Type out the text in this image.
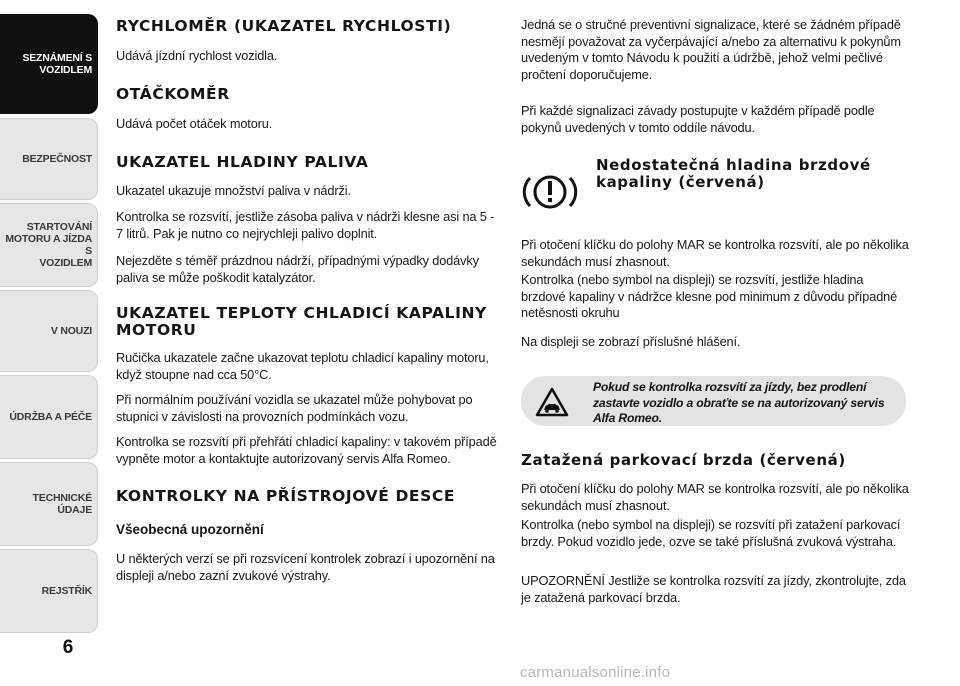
SEZNÁMENÍ S
VOZIDLEM
BEZPEČNOST
STARTOVÁNÍ
MOTORU A JÍZDA S
VOZIDLEM
V NOUZI
ÚDRŽBA A PÉČE
TECHNICKÉ ÚDAJE
REJSTŘÍK
6
RYCHLOMĚR (UKAZATEL RYCHLOSTI)

Udává jízdní rychlost vozidla.

OTÁČKOMĚR

Udává počet otáček motoru.

UKAZATEL HLADINY PALIVA

Ukazatel ukazuje množství paliva v nádrži.

Kontrolka se rozsvítí, jestliže zásoba paliva v nádrži klesne asi na 5 - 7 litrů. Pak je nutno co nejrychleji palivo doplnit.

Nejezděte s téměř prázdnou nádrží, případnými výpadky dodávky paliva se může poškodit katalyzátor.

UKAZATEL TEPLOTY CHLADICÍ KAPALINY MOTORU

Ručička ukazatele začne ukazovat teplotu chladicí kapaliny motoru, když stoupne nad cca 50°C.

Při normálním používání vozidla se ukazatel může pohybovat po stupnici v závislosti na provozních podmínkách vozu.

Kontrolka se rozsvítí při přehřátí chladicí kapaliny: v takovém případě vypněte motor a kontaktujte autorizovaný servis Alfa Romeo.

KONTROLKY NA PŘÍSTROJOVÉ DESCE
Všeobecná upozornění

U některých verzí se při rozsvícení kontrolek zobrazí i upozornění na displeji a/nebo zazní zvukové výstrahy.

Jedná se o stručné preventivní signalizace, které se žádném případě nesmějí považovat za vyčerpávající a/nebo za alternativu k pokynům uvedeným v tomto Návodu k použití a údržbě, jehož velmi pečlivé pročtení doporučujeme.

Při každé signalizaci závady postupujte v každém případě podle pokynů uvedených v tomto oddíle návodu.

Nedostatečná hladina brzdové kapaliny (červená)

Při otočení klíčku do polohy MAR se kontrolka rozsvítí, ale po několika sekundách musí zhasnout.

Kontrolka (nebo symbol na displeji) se rozsvítí, jestliže hladina brzdové kapaliny v nádržce klesne pod minimum z důvodu případné netěsnosti okruhu

Na displeji se zobrazí příslušné hlášení.

Zatažená parkovací brzda (červená)

Při otočení klíčku do polohy MAR se kontrolka rozsvítí, ale po několika sekundách musí zhasnout.

Kontrolka (nebo symbol na displeji) se rozsvítí při zatažení parkovací brzdy. Pokud vozidlo jede, ozve se také příslušná zvuková výstraha.

UPOZORNĚNÍ Jestliže se kontrolka rozsvítí za jízdy, zkontrolujte, zda je zatažená parkovací brzda.

Pokud se kontrolka rozsvítí za jízdy, bez prodlení zastavte vozidlo a obraťte se na autorizovaný servis Alfa Romeo.
carmanualsonline.info
